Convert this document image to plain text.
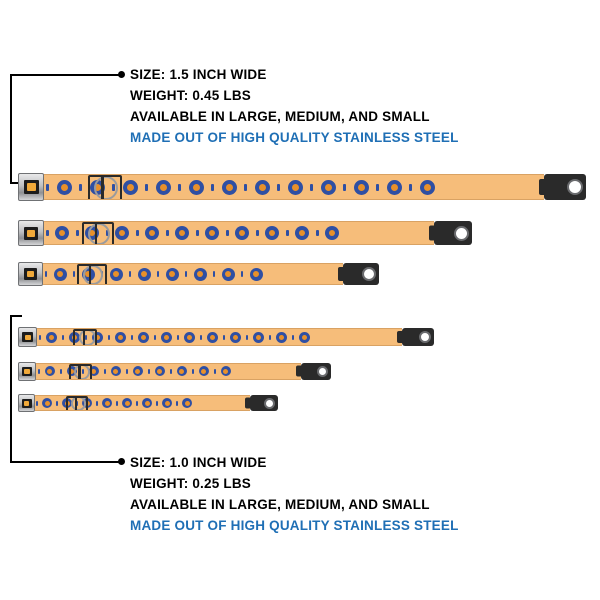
SIZE: 1.5 INCH WIDE
WEIGHT: 0.45 LBS
AVAILABLE IN LARGE, MEDIUM, AND SMALL
MADE OUT OF HIGH QUALITY STAINLESS STEEL
SIZE: 1.0 INCH WIDE
WEIGHT: 0.25 LBS
AVAILABLE IN LARGE, MEDIUM, AND SMALL
MADE OUT OF HIGH QUALITY STAINLESS STEEL
